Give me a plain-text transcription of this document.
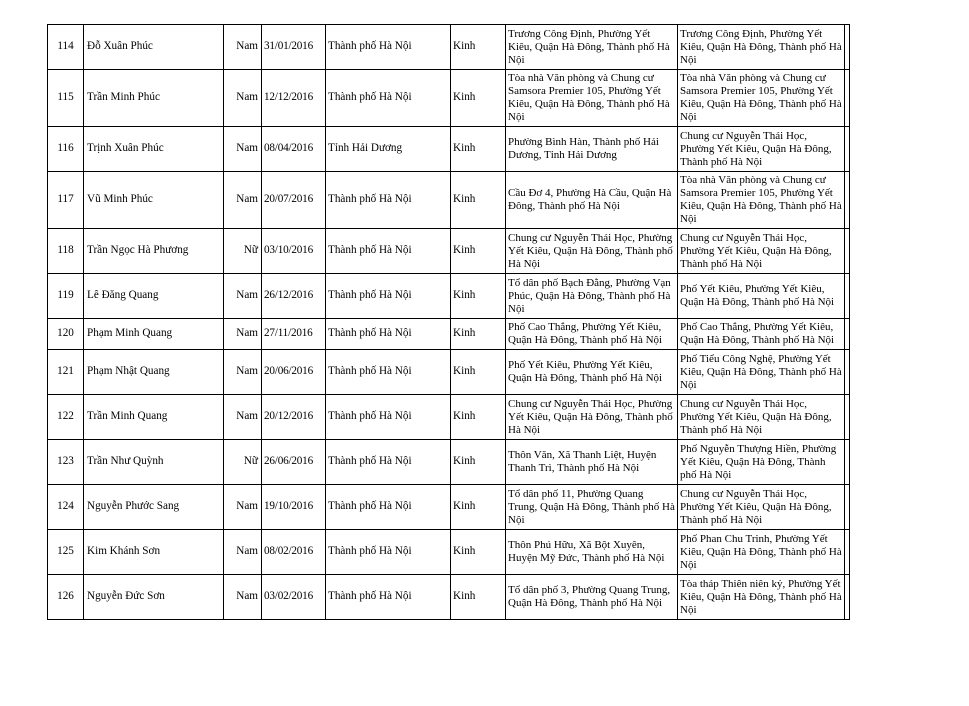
114	Đỗ Xuân Phúc	Nam	31/01/2016	Thành phố Hà Nội	Kinh	Trương Công Định, Phường Yết Kiêu, Quận Hà Đông, Thành phố Hà Nội	Trương Công Định, Phường Yết Kiêu, Quận Hà Đông, Thành phố Hà Nội	
115	Trần Minh Phúc	Nam	12/12/2016	Thành phố Hà Nội	Kinh	Tòa nhà Văn phòng và Chung cư Samsora Premier 105, Phường Yết Kiêu, Quận Hà Đông, Thành phố Hà Nội	Tòa nhà Văn phòng và Chung cư Samsora Premier 105, Phường Yết Kiêu, Quận Hà Đông, Thành phố Hà Nội	
116	Trịnh Xuân Phúc	Nam	08/04/2016	Tỉnh Hải Dương	Kinh	Phường Bình Hàn, Thành phố Hải Dương, Tỉnh Hải Dương	Chung cư Nguyễn Thái Học, Phường Yết Kiêu, Quận Hà Đông, Thành phố Hà Nội	
117	Vũ Minh Phúc	Nam	20/07/2016	Thành phố Hà Nội	Kinh	Cầu Đơ 4, Phường Hà Cầu, Quận Hà Đông, Thành phố Hà Nội	Tòa nhà Văn phòng và Chung cư Samsora Premier 105, Phường Yết Kiêu, Quận Hà Đông, Thành phố Hà Nội	
118	Trần Ngọc Hà Phương	Nữ	03/10/2016	Thành phố Hà Nội	Kinh	Chung cư Nguyễn Thái Học, Phường Yết Kiêu, Quận Hà Đông, Thành phố Hà Nội	Chung cư Nguyễn Thái Học, Phường Yết Kiêu, Quận Hà Đông, Thành phố Hà Nội	
119	Lê Đăng Quang	Nam	26/12/2016	Thành phố Hà Nội	Kinh	Tổ dân phố Bạch Đằng, Phường Vạn Phúc, Quận Hà Đông, Thành phố Hà Nội	Phố Yết Kiêu, Phường Yết Kiêu, Quận Hà Đông, Thành phố Hà Nội	
120	Phạm Minh Quang	Nam	27/11/2016	Thành phố Hà Nội	Kinh	Phố Cao Thắng, Phường Yết Kiêu, Quận Hà Đông, Thành phố Hà Nội	Phố Cao Thắng, Phường Yết Kiêu, Quận Hà Đông, Thành phố Hà Nội	
121	Phạm Nhật Quang	Nam	20/06/2016	Thành phố Hà Nội	Kinh	Phố Yết Kiêu, Phường Yết Kiêu, Quận Hà Đông, Thành phố Hà Nội	Phố Tiểu Công Nghệ, Phường Yết Kiêu, Quận Hà Đông, Thành phố Hà Nội	
122	Trần Minh Quang	Nam	20/12/2016	Thành phố Hà Nội	Kinh	Chung cư Nguyễn Thái Học, Phường Yết Kiêu, Quận Hà Đông, Thành phố Hà Nội	Chung cư Nguyễn Thái Học, Phường Yết Kiêu, Quận Hà Đông, Thành phố Hà Nội	
123	Trần Như Quỳnh	Nữ	26/06/2016	Thành phố Hà Nội	Kinh	Thôn Văn, Xã Thanh Liệt, Huyện Thanh Trì, Thành phố Hà Nội	Phố Nguyễn Thượng Hiền, Phường Yết Kiêu, Quận Hà Đông, Thành phố Hà Nội	
124	Nguyễn Phước Sang	Nam	19/10/2016	Thành phố Hà Nội	Kinh	Tổ dân phố 11, Phường Quang Trung, Quận Hà Đông, Thành phố Hà Nội	Chung cư Nguyễn Thái Học, Phường Yết Kiêu, Quận Hà Đông, Thành phố Hà Nội	
125	Kim Khánh Sơn	Nam	08/02/2016	Thành phố Hà Nội	Kinh	Thôn Phú Hữu, Xã Bột Xuyên, Huyện Mỹ Đức, Thành phố Hà Nội	Phố Phan Chu Trinh, Phường Yết Kiêu, Quận Hà Đông, Thành phố Hà Nội	
126	Nguyễn Đức Sơn	Nam	03/02/2016	Thành phố Hà Nội	Kinh	Tổ dân phố 3, Phường Quang Trung, Quận Hà Đông, Thành phố Hà Nội	Tòa tháp Thiên niên kỷ, Phường Yết Kiêu, Quận Hà Đông, Thành phố Hà Nội	
